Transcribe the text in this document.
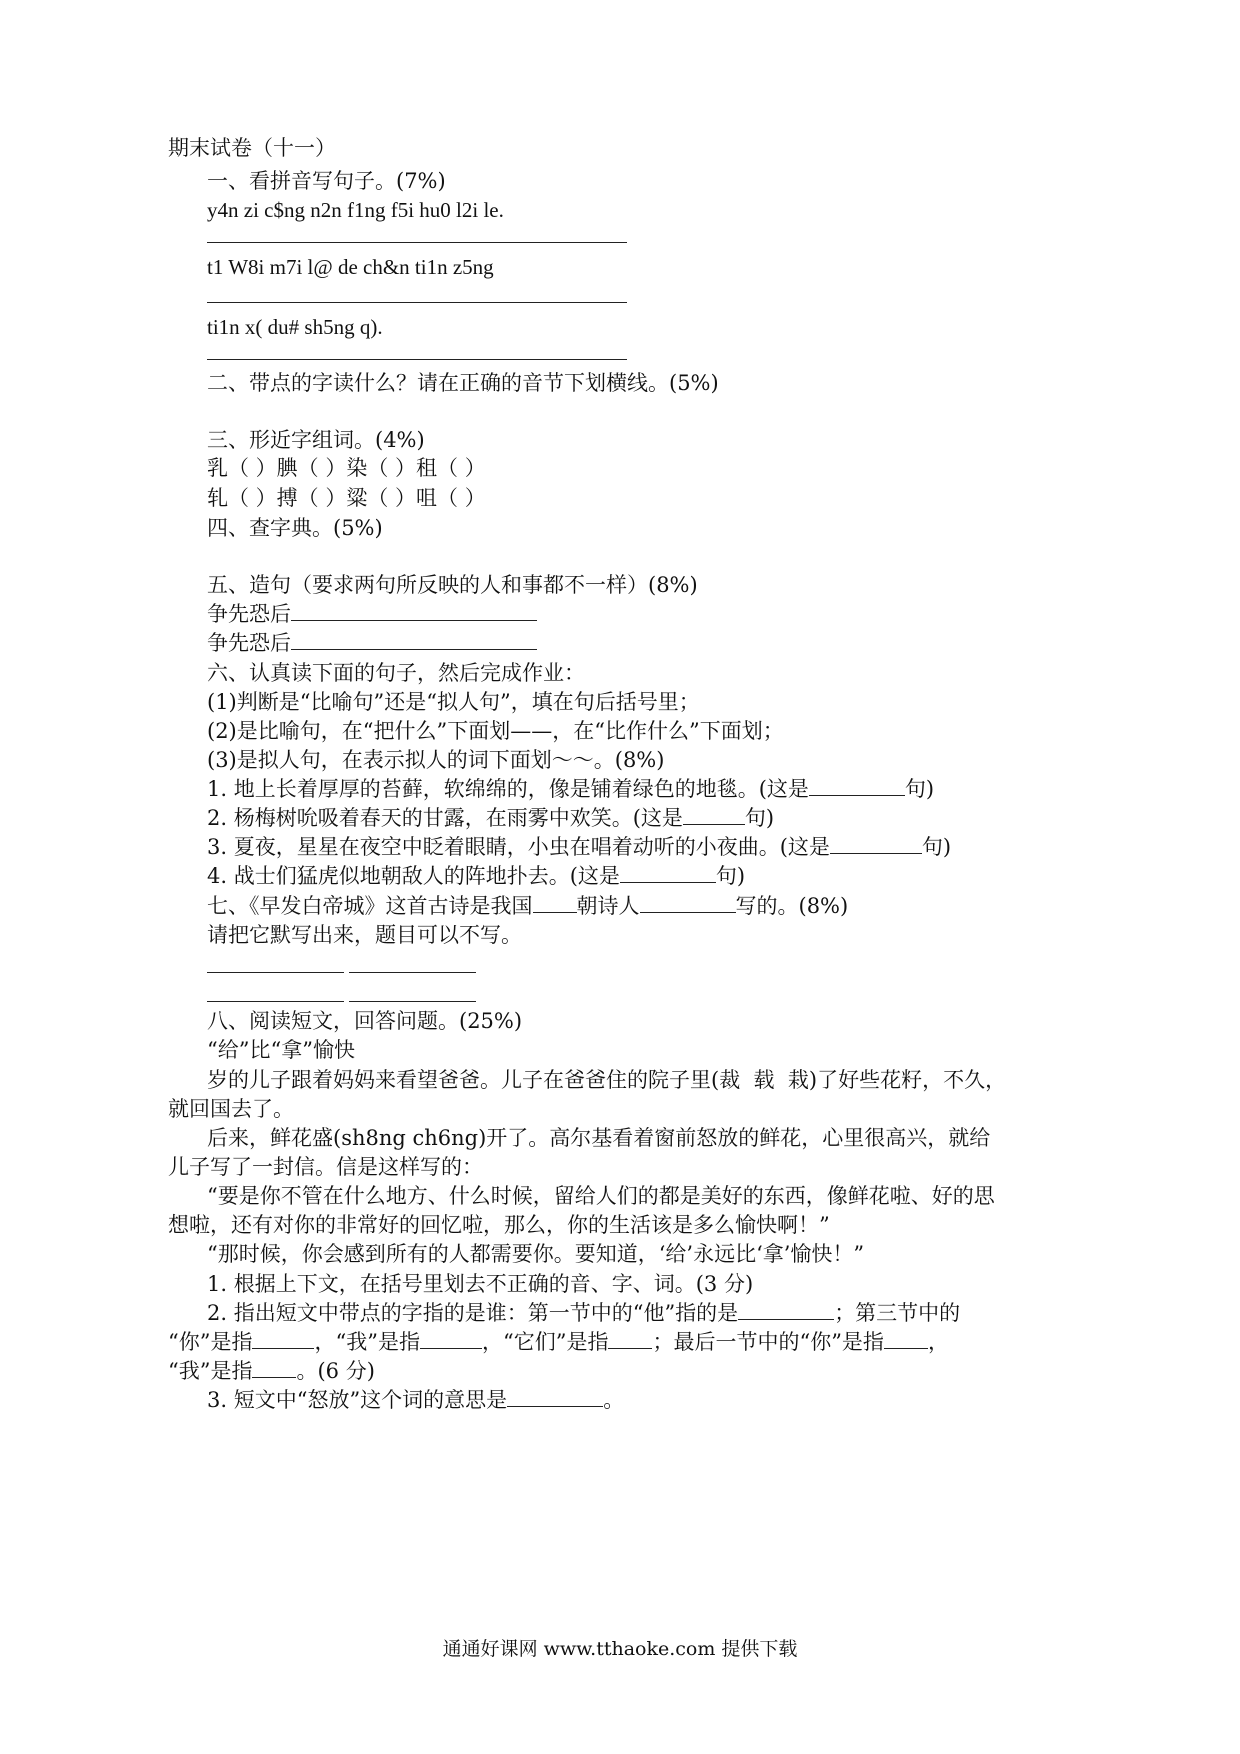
期末试卷（十一）
一、看拼音写句子。(7%)
y4n zi c$ng n2n f1ng f5i hu0 l2i le.
t1 W8i m7i l@ de ch&n ti1n z5ng
ti1n x( du# sh5ng q).
二、带点的字读什么？请在正确的音节下划横线。(5%)
三、形近字组词。(4%)
乳（ ）腆（ ）染（ ）租（ ）
轧（ ）搏（ ）粱（ ）咀（ ）
四、查字典。(5%)
五、造句（要求两句所反映的人和事都不一样）(8%)
争先恐后
争先恐后
六、认真读下面的句子，然后完成作业：
(1)判断是“比喻句”还是“拟人句”，填在句后括号里；
(2)是比喻句，在“把什么”下面划——，在“比作什么”下面划；
(3)是拟人句，在表示拟人的词下面划～～。(8%)
1. 地上长着厚厚的苔藓，软绵绵的，像是铺着绿色的地毯。(这是	句)
2. 杨梅树吮吸着春天的甘露，在雨雾中欢笑。(这是	句)
3. 夏夜，星星在夜空中眨着眼睛，小虫在唱着动听的小夜曲。(这是	句)
4. 战士们猛虎似地朝敌人的阵地扑去。(这是	句)
七、《早发白帝城》这首古诗是我国 朝诗人	写的。(8%)
请把它默写出来，题目可以不写。
八、阅读短文，回答问题。(25%)
“给”比“拿”愉快
岁的儿子跟着妈妈来看望爸爸。儿子在爸爸住的院子里(裁  载  栽)了好些花籽，不久，
就回国去了。
后来，鲜花盛(sh8ng ch6ng)开了。高尔基看着窗前怒放的鲜花，心里很高兴，就给
儿子写了一封信。信是这样写的：
“要是你不管在什么地方、什么时候，留给人们的都是美好的东西，像鲜花啦、好的思
想啦，还有对你的非常好的回忆啦，那么，你的生活该是多么愉快啊！”
“那时候，你会感到所有的人都需要你。要知道，‘给’永远比‘拿’愉快！”
1. 根据上下文，在括号里划去不正确的音、字、词。(3 分)
2. 指出短文中带点的字指的是谁：第一节中的“他”指的是	；第三节中的
“你”是指	，“我”是指	，“它们”是指 ；最后一节中的“你”是指 ，
“我”是指 。(6 分)
3. 短文中“怒放”这个词的意思是	。
通通好课网 www.tthaoke.com 提供下载
